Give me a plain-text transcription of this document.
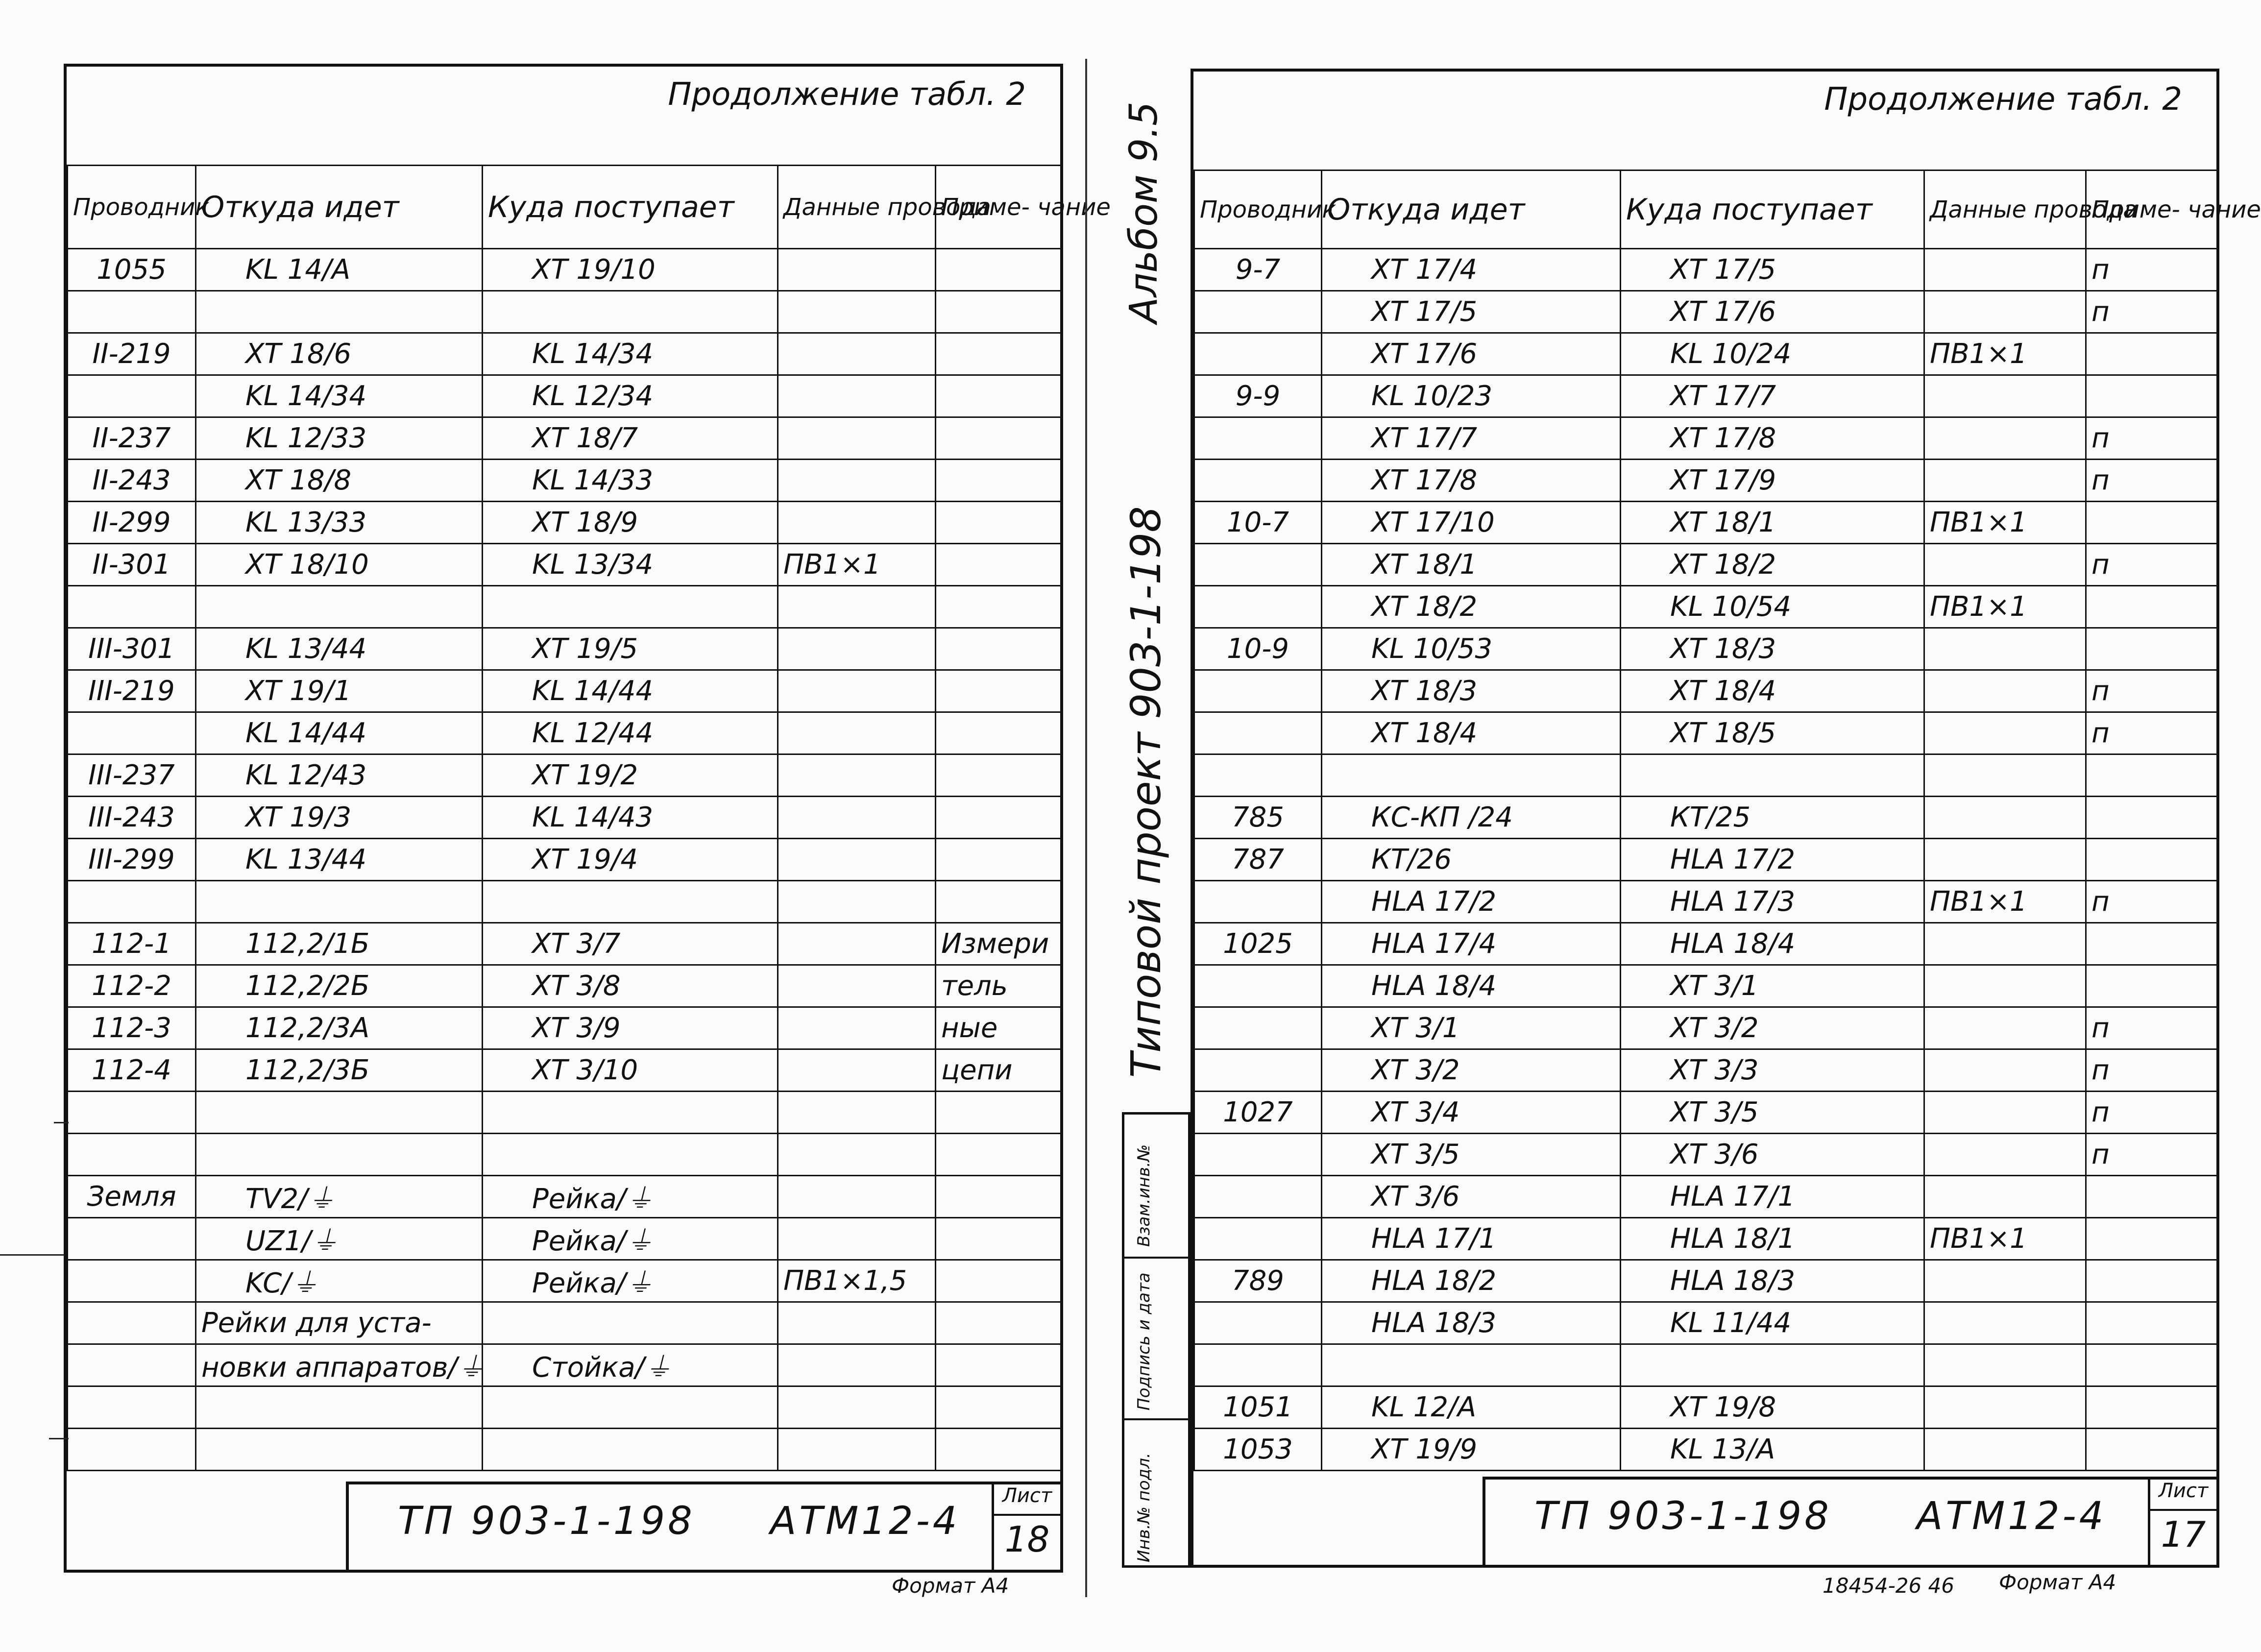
Продолжение табл. 2
Проводник	Откуда идет	Куда поступает	Данные провода	Приме- чание
1055	KL 14/A	XT 19/10		

II-219	XT 18/6	KL 14/34		
	KL 14/34	KL 12/34		
II-237	KL 12/33	XT 18/7		
II-243	XT 18/8	KL 14/33		
II-299	KL 13/33	XT 18/9		
II-301	XT 18/10	KL 13/34	ПВ1×1	

III-301	KL 13/44	XT 19/5		
III-219	XT 19/1	KL 14/44		
	KL 14/44	KL 12/44		
III-237	KL 12/43	XT 19/2		
III-243	XT 19/3	KL 14/43		
III-299	KL 13/44	XT 19/4		

112-1	112,2/1Б	XT 3/7		Измери
112-2	112,2/2Б	XT 3/8		тель
112-3	112,2/3А	XT 3/9		ные
112-4	112,2/3Б	XT 3/10		цепи

Земля	TV2/⏚	Рейка/⏚		
	UZ1/⏚	Рейка/⏚		
	KC/⏚	Рейка/⏚	ПВ1×1,5	
	Рейки для уста-			
	новки аппаратов/⏚	Стойка/⏚		

ТП 903-1-198 АТМ12-4
Лист
18
Формат А4
Альбом 9.5
Типовой проект 903-1-198
Взам.инв.№
Подпись и дата
Инв.№ подл.
Продолжение табл. 2
Проводник	Откуда идет	Куда поступает	Данные провода	Приме- чание
9-7	XT 17/4	XT 17/5		п
	XT 17/5	XT 17/6		п
	XT 17/6	KL 10/24	ПВ1×1	
9-9	KL 10/23	XT 17/7		
	XT 17/7	XT 17/8		п
	XT 17/8	XT 17/9		п
10-7	XT 17/10	XT 18/1	ПВ1×1	
	XT 18/1	XT 18/2		п
	XT 18/2	KL 10/54	ПВ1×1	
10-9	KL 10/53	XT 18/3		
	XT 18/3	XT 18/4		п
	XT 18/4	XT 18/5		п

785	КС-КП /24	КТ/25		
787	КТ/26	HLA 17/2		
	HLA 17/2	HLA 17/3	ПВ1×1	п
1025	HLA 17/4	HLA 18/4		
	HLA 18/4	XT 3/1		
	XT 3/1	XT 3/2		п
	XT 3/2	XT 3/3		п
1027	XT 3/4	XT 3/5		п
	XT 3/5	XT 3/6		п
	XT 3/6	HLA 17/1		
	HLA 17/1	HLA 18/1	ПВ1×1	
789	HLA 18/2	HLA 18/3		
	HLA 18/3	KL 11/44		

1051	KL 12/A	XT 19/8		
1053	XT 19/9	KL 13/A		
ТП 903-1-198 АТМ12-4
Лист
17
18454-26 46 Формат А4
